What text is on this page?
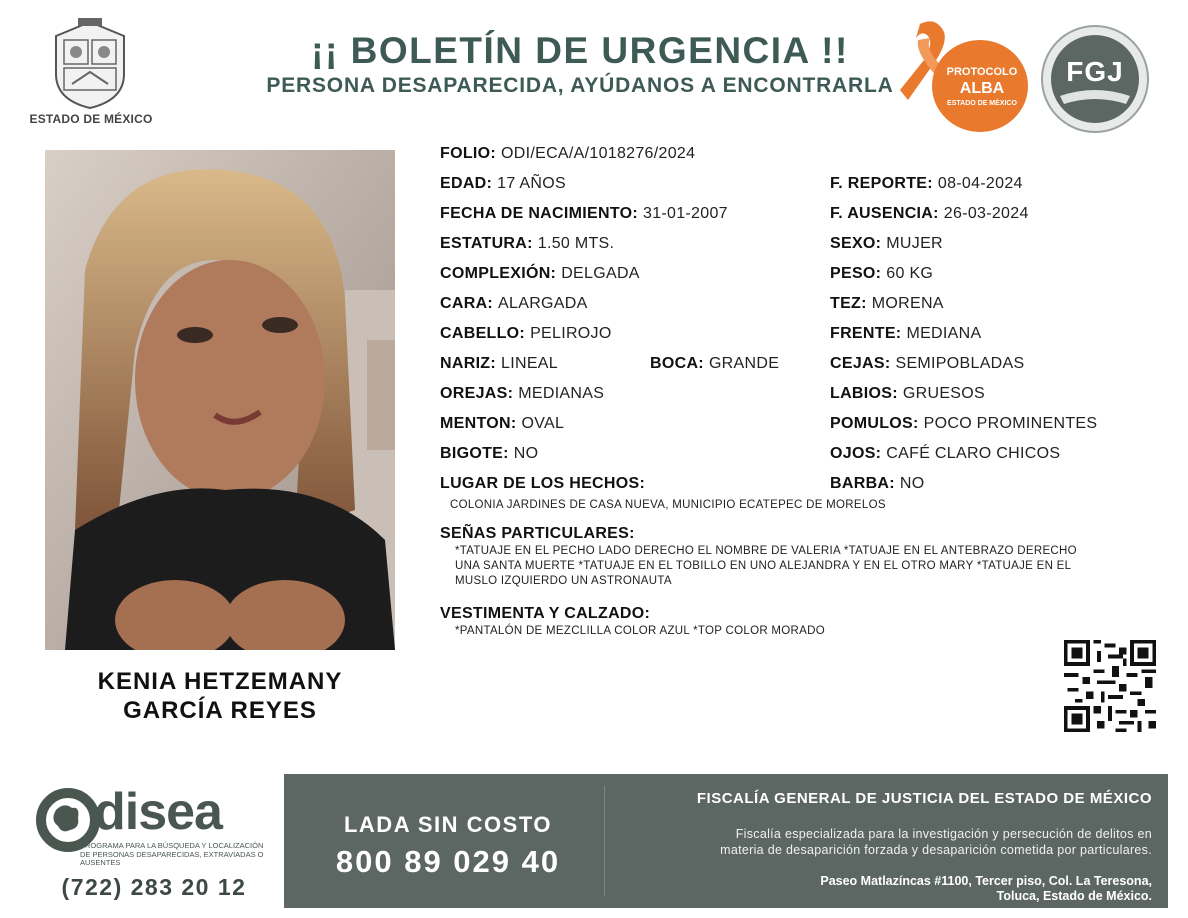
ESTADO DE MÉXICO
¡¡ BOLETÍN DE URGENCIA !!
PERSONA DESAPARECIDA, AYÚDANOS A ENCONTRARLA
PROTOCOLO
ALBA
ESTADO DE MÉXICO
FGJ
KENIA HETZEMANY
GARCÍA REYES
FOLIO: ODI/ECA/A/1018276/2024
EDAD: 17 AÑOS	F. REPORTE: 08-04-2024
FECHA DE NACIMIENTO: 31-01-2007	F. AUSENCIA: 26-03-2024
ESTATURA: 1.50 MTS.	SEXO: MUJER
COMPLEXIÓN: DELGADA	PESO: 60 KG
CARA: ALARGADA	TEZ: MORENA
CABELLO: PELIROJO	FRENTE: MEDIANA
NARIZ: LINEAL	BOCA: GRANDE	CEJAS: SEMIPOBLADAS
OREJAS: MEDIANAS	LABIOS: GRUESOS
MENTON: OVAL	POMULOS: POCO PROMINENTES
BIGOTE: NO	OJOS: CAFÉ CLARO CHICOS
LUGAR DE LOS HECHOS:	BARBA: NO
COLONIA JARDINES DE CASA NUEVA, MUNICIPIO ECATEPEC DE MORELOS
SEÑAS PARTICULARES:
*TATUAJE EN EL PECHO LADO DERECHO EL NOMBRE DE VALERIA *TATUAJE EN EL ANTEBRAZO DERECHO
UNA SANTA MUERTE *TATUAJE EN EL TOBILLO EN UNO ALEJANDRA Y EN EL OTRO MARY *TATUAJE EN EL
MUSLO IZQUIERDO UN ASTRONAUTA
VESTIMENTA Y CALZADO:
*PANTALÓN DE MEZCLILLA COLOR AZUL *TOP COLOR MORADO
disea
PROGRAMA PARA LA BÚSQUEDA Y LOCALIZACIÓN DE PERSONAS DESAPARECIDAS, EXTRAVIADAS O AUSENTES
(722) 283 20 12
LADA SIN COSTO
800 89 029 40
FISCALÍA GENERAL DE JUSTICIA DEL ESTADO DE MÉXICO
Fiscalía especializada para la investigación y persecución de delitos en
materia de desaparición forzada y desaparición cometida por particulares.
Paseo Matlazíncas #1100, Tercer piso, Col. La Teresona,
Toluca, Estado de México.
